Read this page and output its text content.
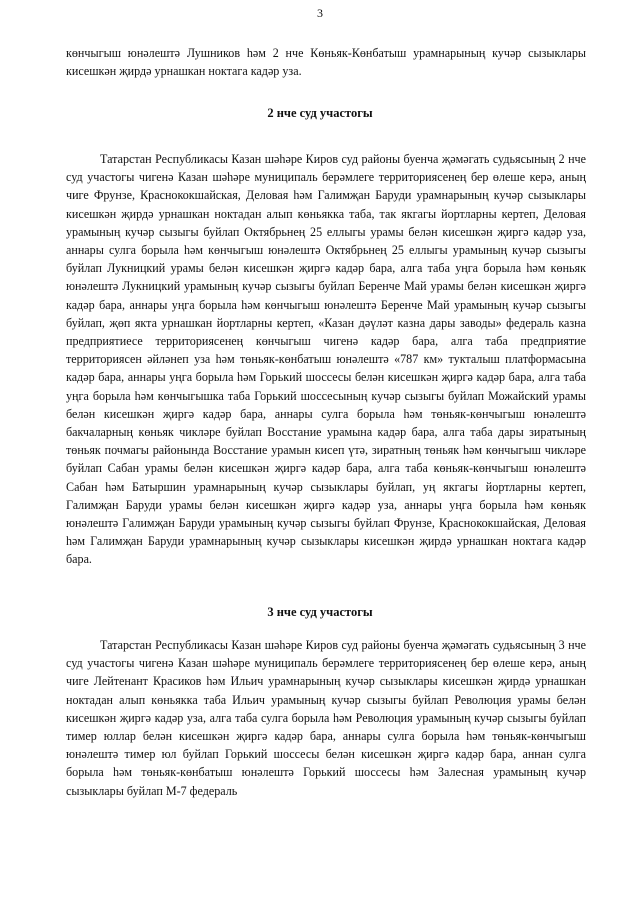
3

көнчыгыш юнәлештә Лушников һәм 2 нче Көньяк-Көнбатыш урамнарының кучәр сызыклары кисешкән җирдә урнашкан ноктага кадәр уза.

2 нче суд участогы

Татарстан Республикасы Казан шәһәре Киров суд районы буенча җәмәгать судьясының 2 нче суд участогы чигенә Казан шәһәре муниципаль берәмлеге территориясенең бер өлеше керә, аның чиге Фрунзе, Краснококшайская, Деловая һәм Галимҗан Баруди урамнарының кучәр сызыклары кисешкән җирдә урнашкан ноктадан алып көньякка таба, так якгагы йортларны кертеп, Деловая урамының кучәр сызыгы буйлап Октябрьнең 25 еллыгы урамы белән кисешкән җиргә кадәр уза, аннары сулга борыла һәм көнчыгыш юнәлештә Октябрьнең 25 еллыгы урамының кучәр сызыгы буйлап Лукницкий урамы белән кисешкән җиргә кадәр бара, алга таба уңга борыла һәм көньяк юнәлештә Лукницкий урамының кучәр сызыгы буйлап Беренче Май урамы белән кисешкән җиргә кадәр бара, аннары уңга борыла һәм көнчыгыш юнәлештә Беренче Май урамының кучәр сызыгы буйлап, җөп якта урнашкан йортларны кертеп, «Казан дәүләт казна дары заводы» федераль казна предприятиесе территориясенең көнчыгыш чигенә кадәр бара, алга таба предприятие территориясен әйләнеп уза һәм төньяк-көнбатыш юнәлештә «787 км» тукталыш платформасына кадәр бара, аннары уңга борыла һәм Горький шоссесы белән кисешкән җиргә кадәр бара, алга таба уңга борыла һәм көнчыгышка таба Горький шоссесының кучәр сызыгы буйлап Можайский урамы белән кисешкән җиргә кадәр бара, аннары сулга борыла һәм төньяк-көнчыгыш юнәлештә бакчаларның көньяк чикләре буйлап Восстание урамына кадәр бара, алга таба дары зиратының төньяк почмагы районында Восстание урамын кисеп үтә, зиратның төньяк һәм көнчыгыш чикләре буйлап Сабан урамы белән кисешкән җиргә кадәр бара, алга таба көньяк-көнчыгыш юнәлештә Сабан һәм Батыршин урамнарының кучәр сызыклары буйлап, уң якгагы йортларны кертеп, Галимҗан Баруди урамы белән кисешкән җиргә кадәр уза, аннары уңга борыла һәм көньяк юнәлештә Галимҗан Баруди урамының кучәр сызыгы буйлап Фрунзе, Краснококшайская, Деловая һәм Галимҗан Баруди урамнарының кучәр сызыклары кисешкән җирдә урнашкан ноктага кадәр бара.

3 нче суд участогы

Татарстан Республикасы Казан шәһәре Киров суд районы буенча җәмәгать судьясының 3 нче суд участогы чигенә Казан шәһәре муниципаль берәмлеге территориясенең бер өлеше керә, аның чиге Лейтенант Красиков һәм Ильич урамнарының кучәр сызыклары кисешкән җирдә урнашкан ноктадан алып көньякка таба Ильич урамының кучәр сызыгы буйлап Революция урамы белән кисешкән җиргә кадәр уза, алга таба сулга борыла һәм Революция урамының кучәр сызыгы буйлап тимер юллар белән кисешкән җиргә кадәр бара, аннары сулга борыла һәм төньяк-көнчыгыш юнәлештә тимер юл буйлап Горький шоссесы белән кисешкән җиргә кадәр бара, аннан сулга борыла һәм төньяк-көнбатыш юнәлештә Горький шоссесы һәм Залесная урамының кучәр сызыклары буйлап М-7 федераль
